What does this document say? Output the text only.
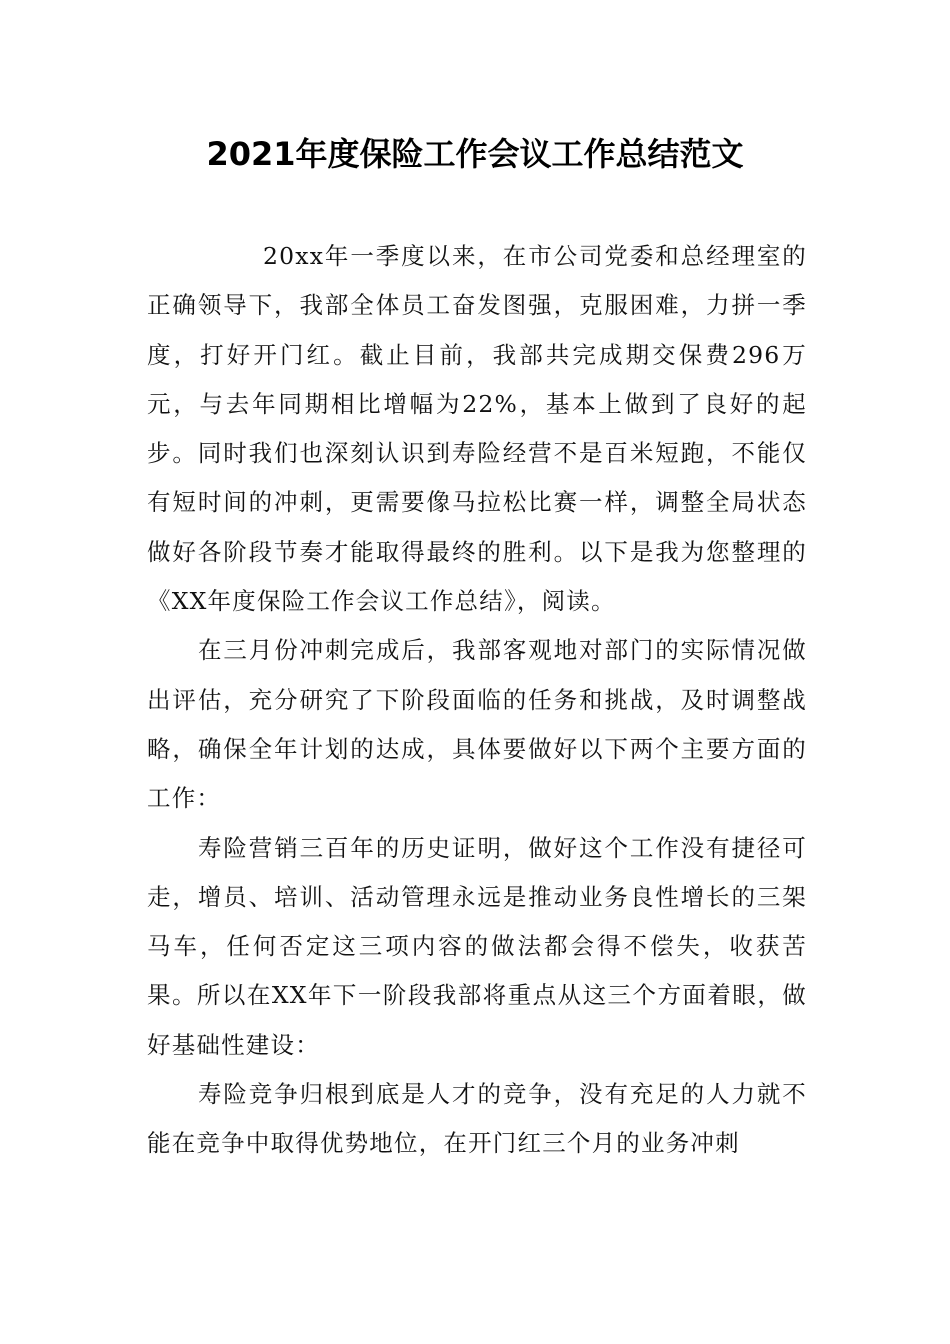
2021年度保险工作会议工作总结范文

20xx年一季度以来，在市公司党委和总经理室的正确领导下，我部全体员工奋发图强，克服困难，力拼一季度，打好开门红。截止目前，我部共完成期交保费296万元，与去年同期相比增幅为22%，基本上做到了良好的起步。同时我们也深刻认识到寿险经营不是百米短跑，不能仅有短时间的冲刺，更需要像马拉松比赛一样，调整全局状态做好各阶段节奏才能取得最终的胜利。以下是我为您整理的《XX年度保险工作会议工作总结》，阅读。

在三月份冲刺完成后，我部客观地对部门的实际情况做出评估，充分研究了下阶段面临的任务和挑战，及时调整战略，确保全年计划的达成，具体要做好以下两个主要方面的工作：

寿险营销三百年的历史证明，做好这个工作没有捷径可走，增员、培训、活动管理永远是推动业务良性增长的三架马车，任何否定这三项内容的做法都会得不偿失，收获苦果。所以在XX年下一阶段我部将重点从这三个方面着眼，做好基础性建设：

寿险竞争归根到底是人才的竞争，没有充足的人力就不能在竞争中取得优势地位，在开门红三个月的业务冲刺
